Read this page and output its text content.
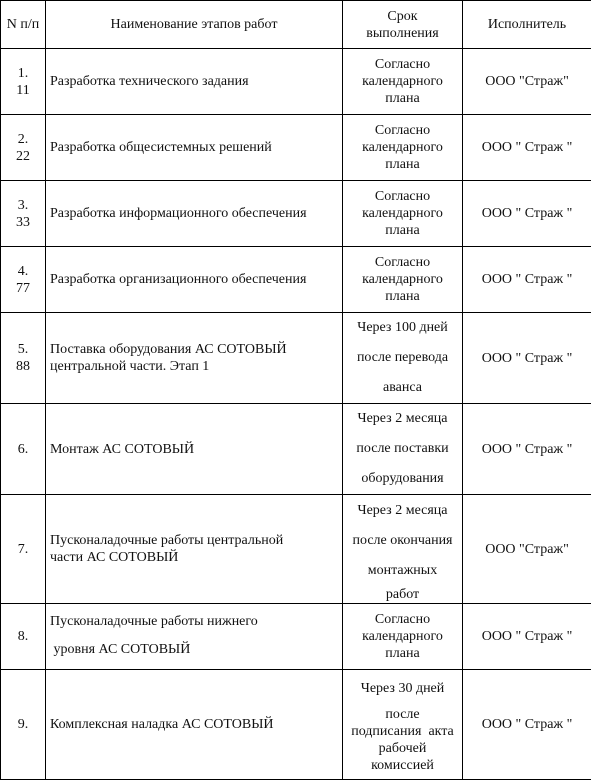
N п/п	Наименование этапов работ	Срок
выполнения	Исполнитель

1.
11	Разработка технического задания	Согласно
календарного
плана	ООО "Страж"

2.
22	Разработка общесистемных решений	Согласно
календарного
плана	ООО " Страж "

3.
33	Разработка информационного обеспечения	Согласно
календарного
плана	ООО " Страж "

4.
77	Разработка организационного обеспечения	Согласно
календарного
плана	ООО " Страж "

5.
88	Поставка оборудования АС СОТОВЫЙ
центральной части. Этап 1	Через 100 дней
после перевода
аванса	ООО " Страж "

6.	Монтаж АС СОТОВЫЙ	Через 2 месяца
после поставки
оборудования	ООО " Страж "

7.	Пусконаладочные работы центральной
части АС СОТОВЫЙ	Через 2 месяца
после окончания
монтажных
работ	ООО "Страж"

8.	Пусконаладочные работы нижнего
уровня АС СОТОВЫЙ	Согласно
календарного
плана	ООО " Страж "

9.	Комплексная наладка АС СОТОВЫЙ	Через 30 дней
после
подписания  акта
рабочей
комиссией	ООО " Страж "
